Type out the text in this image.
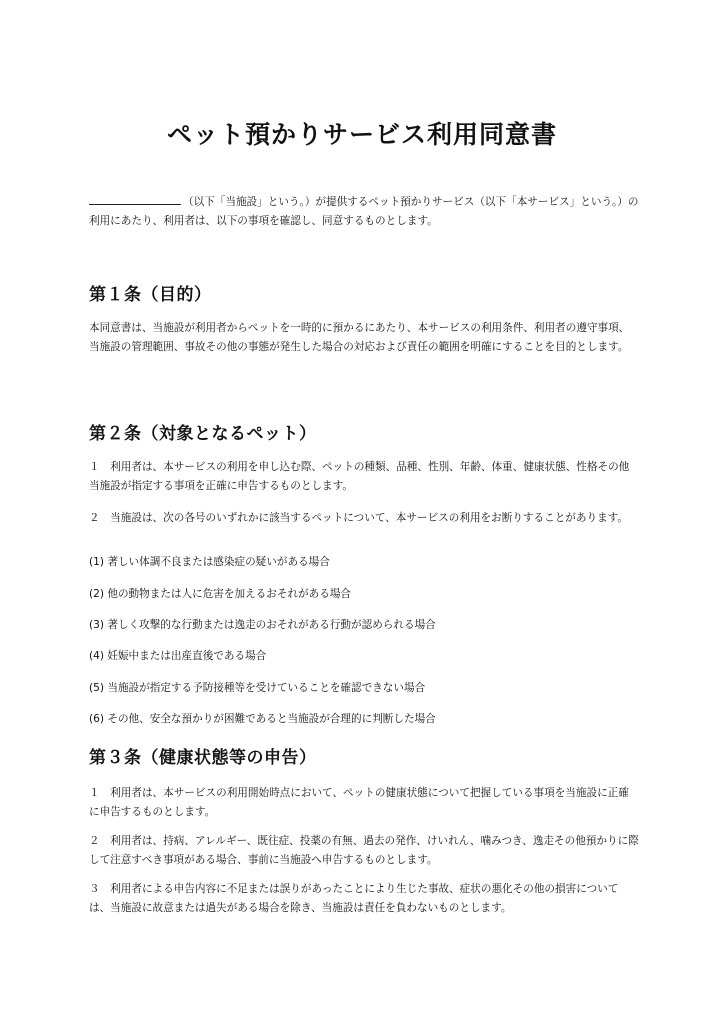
ペット預かりサービス利用同意書

（以下「当施設」という。）が提供するペット預かりサービス（以下「本サービス」という。）の利用にあたり、利用者は、以下の事項を確認し、同意するものとします。

第１条（目的）

本同意書は、当施設が利用者からペットを一時的に預かるにあたり、本サービスの利用条件、利用者の遵守事項、当施設の管理範囲、事故その他の事態が発生した場合の対応および責任の範囲を明確にすることを目的とします。

第２条（対象となるペット）

１　利用者は、本サービスの利用を申し込む際、ペットの種類、品種、性別、年齢、体重、健康状態、性格その他当施設が指定する事項を正確に申告するものとします。

２　当施設は、次の各号のいずれかに該当するペットについて、本サービスの利用をお断りすることがあります。

(1) 著しい体調不良または感染症の疑いがある場合

(2) 他の動物または人に危害を加えるおそれがある場合

(3) 著しく攻撃的な行動または逸走のおそれがある行動が認められる場合

(4) 妊娠中または出産直後である場合

(5) 当施設が指定する予防接種等を受けていることを確認できない場合

(6) その他、安全な預かりが困難であると当施設が合理的に判断した場合

第３条（健康状態等の申告）

１　利用者は、本サービスの利用開始時点において、ペットの健康状態について把握している事項を当施設に正確に申告するものとします。

２　利用者は、持病、アレルギー、既往症、投薬の有無、過去の発作、けいれん、噛みつき、逸走その他預かりに際して注意すべき事項がある場合、事前に当施設へ申告するものとします。

３　利用者による申告内容に不足または誤りがあったことにより生じた事故、症状の悪化その他の損害については、当施設に故意または過失がある場合を除き、当施設は責任を負わないものとします。
